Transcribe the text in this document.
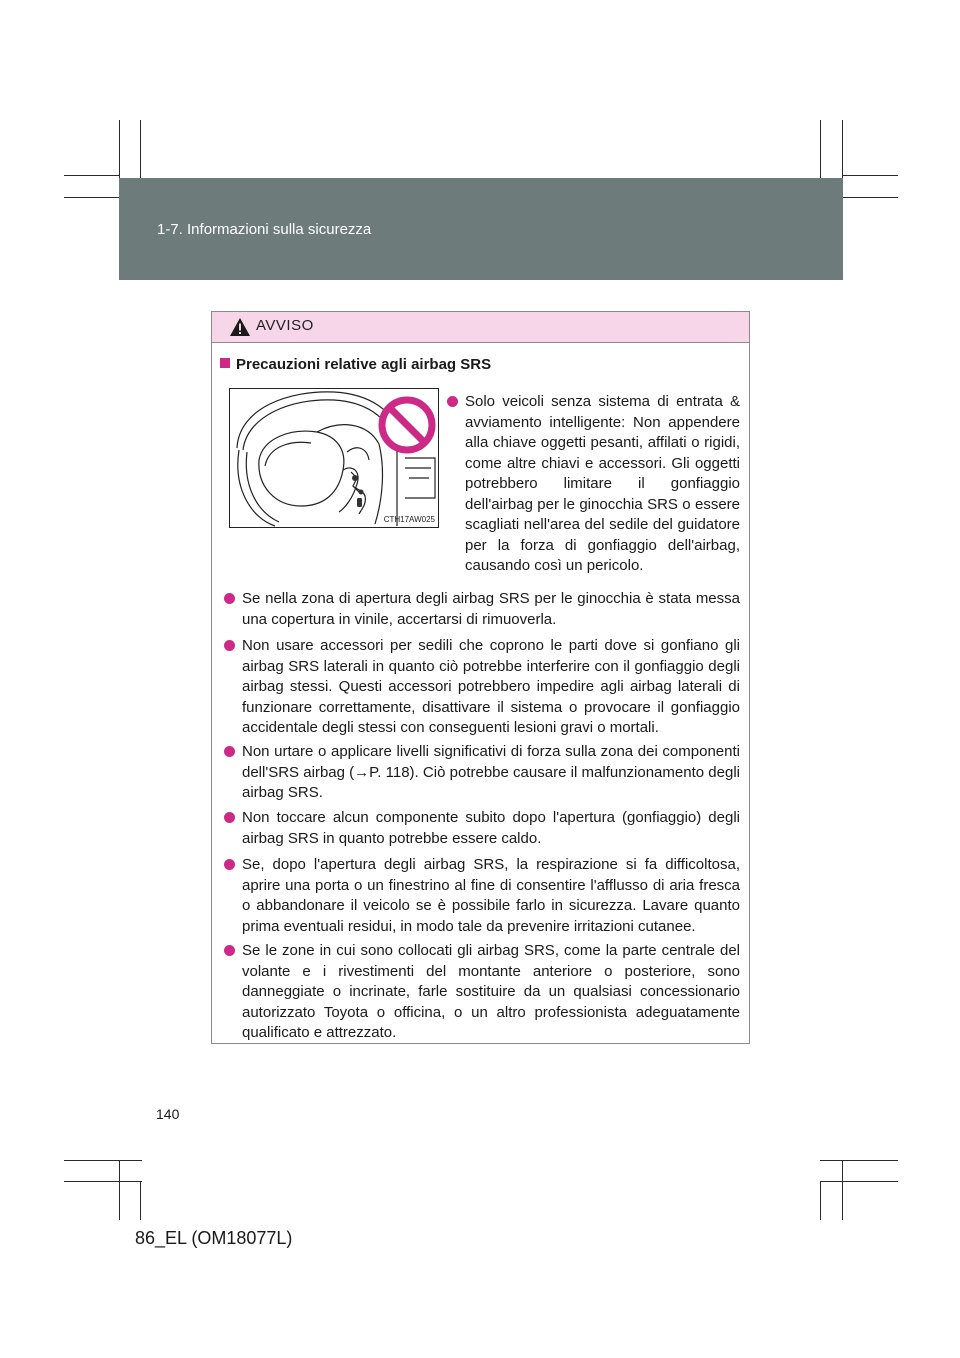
1-7. Informazioni sulla sicurezza
AVVISO
Precauzioni relative agli airbag SRS
CTH17AW025
Solo veicoli senza sistema di entrata & avviamento intelligente: Non appendere alla chiave oggetti pesanti, affilati o rigidi, come altre chiavi e accessori. Gli oggetti potrebbero limitare il gonfiaggio dell'airbag per le ginocchia SRS o essere scagliati nell'area del sedile del guidatore per la forza di gonfiaggio dell'airbag, causando così un pericolo.
Se nella zona di apertura degli airbag SRS per le ginocchia è stata messa una copertura in vinile, accertarsi di rimuoverla.
Non usare accessori per sedili che coprono le parti dove si gonfiano gli airbag SRS laterali in quanto ciò potrebbe interferire con il gonfiaggio degli airbag stessi. Questi accessori potrebbero impedire agli airbag laterali di funzionare correttamente, disattivare il sistema o provocare il gonfiaggio accidentale degli stessi con conseguenti lesioni gravi o mortali.
Non urtare o applicare livelli significativi di forza sulla zona dei componenti dell'SRS airbag (→P. 118). Ciò potrebbe causare il malfunzionamento degli airbag SRS.
Non toccare alcun componente subito dopo l'apertura (gonfiaggio) degli airbag SRS in quanto potrebbe essere caldo.
Se, dopo l'apertura degli airbag SRS, la respirazione si fa difficoltosa, aprire una porta o un finestrino al fine di consentire l'afflusso di aria fresca o abbandonare il veicolo se è possibile farlo in sicurezza. Lavare quanto prima eventuali residui, in modo tale da prevenire irritazioni cutanee.
Se le zone in cui sono collocati gli airbag SRS, come la parte centrale del volante e i rivestimenti del montante anteriore o posteriore, sono danneggiate o incrinate, farle sostituire da un qualsiasi concessionario autorizzato Toyota o officina, o un altro professionista adeguatamente qualificato e attrezzato.
140
86_EL (OM18077L)
